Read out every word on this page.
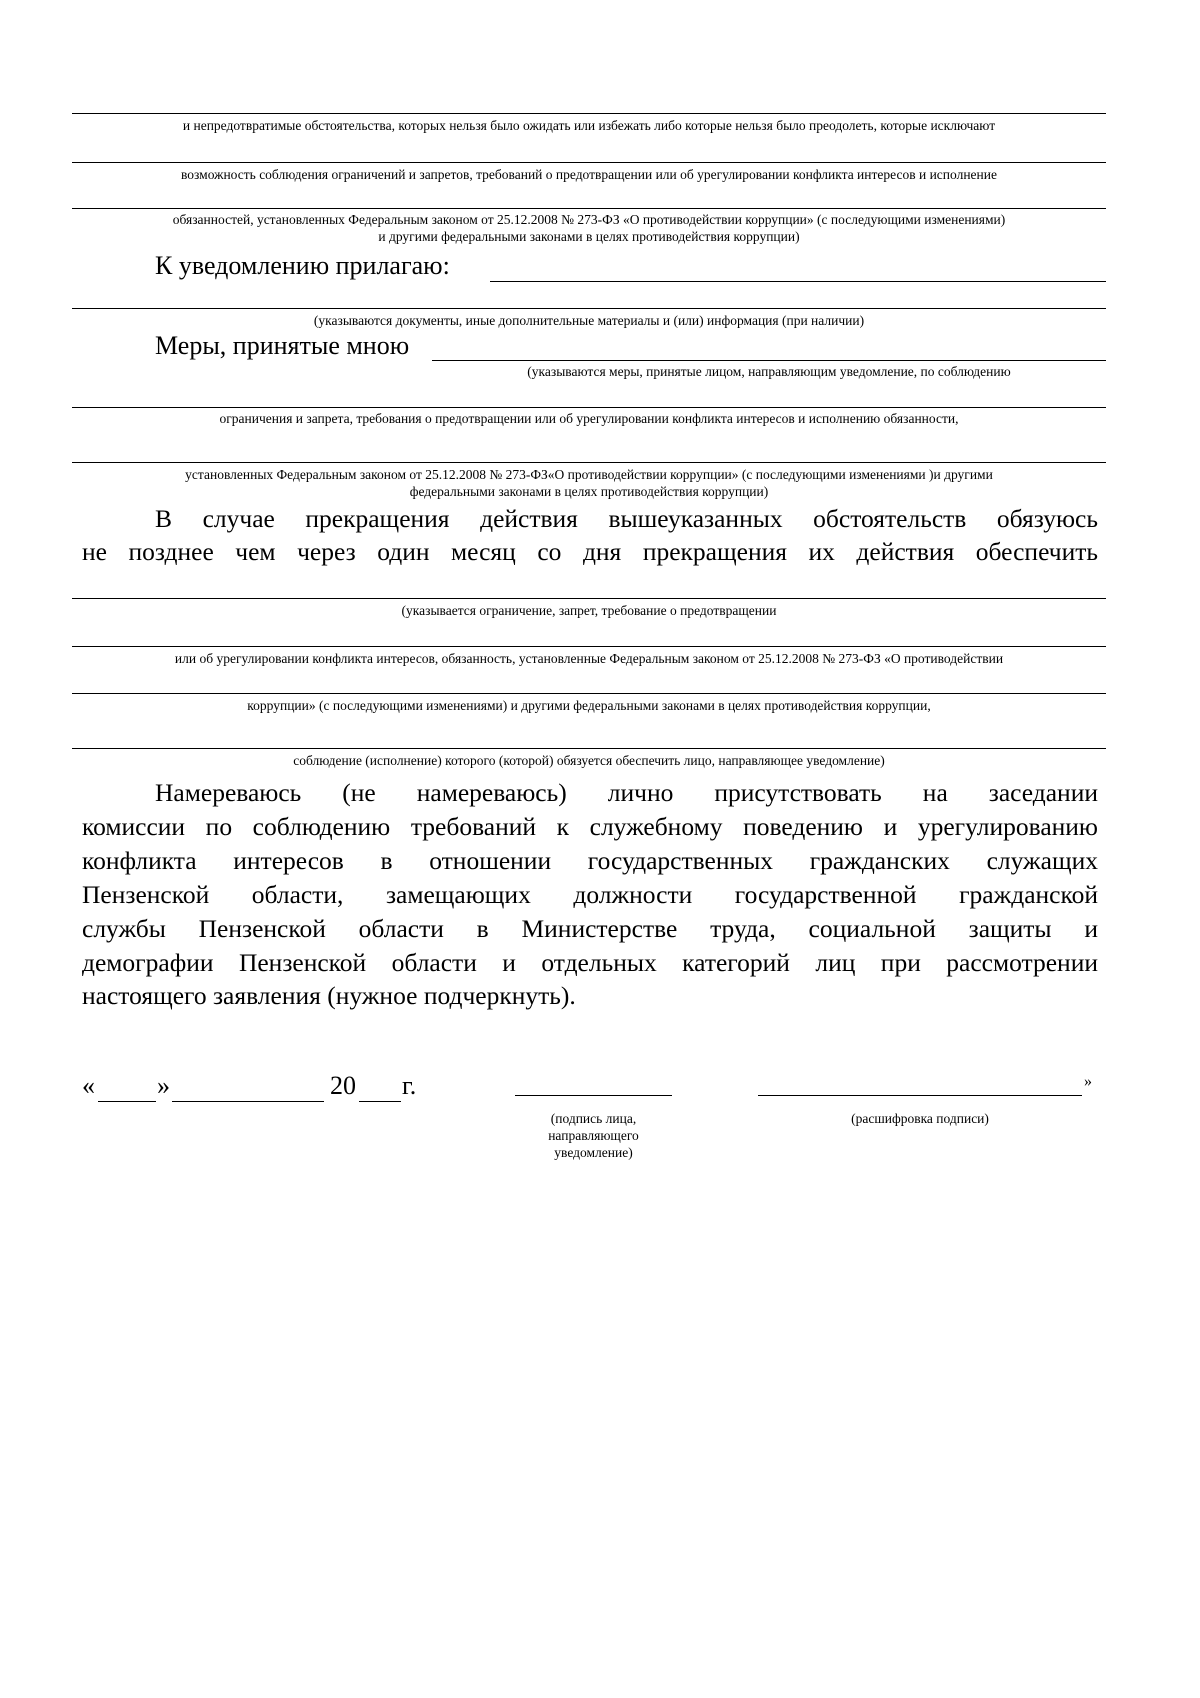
и непредотвратимые обстоятельства, которых нельзя было ожидать или избежать либо которые нельзя было преодолеть, которые исключают
возможность соблюдения ограничений и запретов, требований о предотвращении или об урегулировании конфликта интересов и исполнение
обязанностей, установленных Федеральным законом от 25.12.2008 № 273-ФЗ «О противодействии коррупции» (с последующими изменениями)
и другими федеральными законами в целях противодействия коррупции)
К уведомлению прилагаю:
(указываются документы, иные дополнительные материалы и (или) информация (при наличии)
Меры, принятые мною
(указываются меры, принятые лицом, направляющим уведомление, по соблюдению
ограничения и запрета, требования о предотвращении или об урегулировании конфликта интересов и исполнению обязанности,
установленных Федеральным законом от 25.12.2008 № 273-ФЗ«О противодействии коррупции» (с последующими изменениями )и другими
федеральными законами в целях противодействия коррупции)
В случае прекращения действия вышеуказанных обстоятельств обязуюсь
не позднее чем через один месяц со дня прекращения их действия обеспечить
(указывается ограничение, запрет, требование о предотвращении
или об урегулировании конфликта интересов, обязанность, установленные Федеральным законом от 25.12.2008 № 273-ФЗ «О противодействии
коррупции» (с последующими изменениями) и другими федеральными законами в целях противодействия коррупции,
соблюдение (исполнение) которого (которой) обязуется обеспечить лицо, направляющее уведомление)
Намереваюсь (не намереваюсь) лично присутствовать на заседании
комиссии по соблюдению требований к служебному поведению и урегулированию
конфликта интересов в отношении государственных гражданских служащих
Пензенской области, замещающих должности государственной гражданской
службы Пензенской области в Министерстве труда, социальной защиты и
демографии Пензенской области и отдельных категорий лиц при рассмотрении
настоящего заявления (нужное подчеркнуть).
« »	20 г.	»
(подпись лица,
направляющего
уведомление)
(расшифровка подписи)
